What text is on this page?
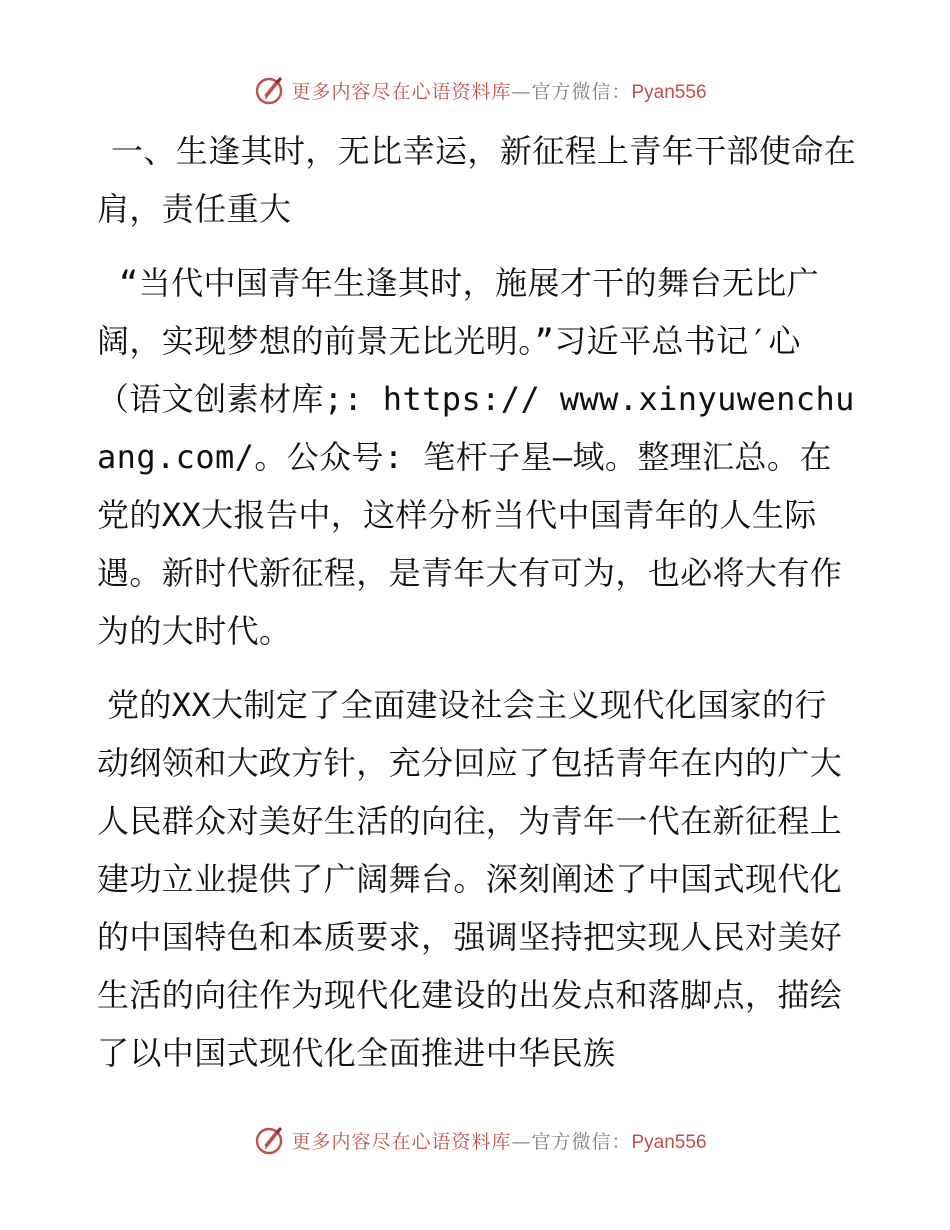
更多内容尽在心语资料库—官方微信：Pyan556

一、生逢其时，无比幸运，新征程上青年干部使命在肩，责任重大

“当代中国青年生逢其时，施展才干的舞台无比广阔，实现梦想的前景无比光明。”习近平总书记′心（语文创素材库;: https:// www.xinyuwenchuang.com/。公众号: 笔杆子星—域。整理汇总。在党的XX大报告中，这样分析当代中国青年的人生际遇。新时代新征程，是青年大有可为，也必将大有作为的大时代。

党的XX大制定了全面建设社会主义现代化国家的行动纲领和大政方针，充分回应了包括青年在内的广大人民群众对美好生活的向往，为青年一代在新征程上建功立业提供了广阔舞台。深刻阐述了中国式现代化的中国特色和本质要求，强调坚持把实现人民对美好生活的向往作为现代化建设的出发点和落脚点，描绘了以中国式现代化全面推进中华民族

更多内容尽在心语资料库—官方微信：Pyan556
